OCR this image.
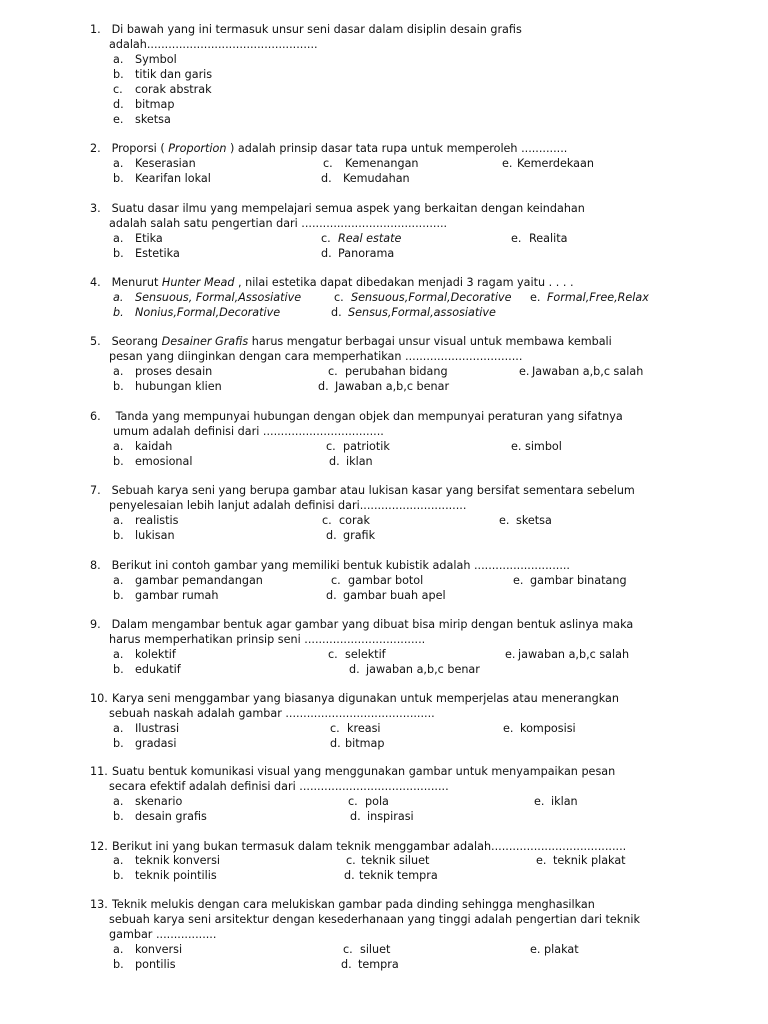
1. Di bawah yang ini termasuk unsur seni dasar dalam disiplin desain grafis
adalah................................................
a. Symbol
b. titik dan garis
c. corak abstrak
d. bitmap
e. sketsa
2. Proporsi ( Proportion ) adalah prinsip dasar tata rupa untuk memperoleh .............
a. Keserasian
b. Kearifan lokal
c. Kemenangan
d. Kemudahan
e. Kemerdekaan
3. Suatu dasar ilmu yang mempelajari semua aspek yang berkaitan dengan keindahan
adalah salah satu pengertian dari .........................................
a. Etika
b. Estetika
c. Real estate
d. Panorama
e. Realita
4. Menurut Hunter Mead , nilai estetika dapat dibedakan menjadi 3 ragam yaitu . . . .
a. Sensuous, Formal,Assosiative
b. Nonius,Formal,Decorative
c. Sensuous,Formal,Decorative
d. Sensus,Formal,assosiative
e. Formal,Free,Relax
5. Seorang Desainer Grafis harus mengatur berbagai unsur visual untuk membawa kembali
pesan yang diinginkan dengan cara memperhatikan .................................
a. proses desain
b. hubungan klien
c. perubahan bidang
d. Jawaban a,b,c benar
e. Jawaban a,b,c salah
6. Tanda yang mempunyai hubungan dengan objek dan mempunyai peraturan yang sifatnya
umum adalah definisi dari ..................................
a. kaidah
b. emosional
c. patriotik
d. iklan
e. simbol
7. Sebuah karya seni yang berupa gambar atau lukisan kasar yang bersifat sementara sebelum
penyelesaian lebih lanjut adalah definisi dari..............................
a. realistis
b. lukisan
c. corak
d. grafik
e. sketsa
8. Berikut ini contoh gambar yang memiliki bentuk kubistik adalah ...........................
a. gambar pemandangan
b. gambar rumah
c. gambar botol
d. gambar buah apel
e. gambar binatang
9. Dalam mengambar bentuk agar gambar yang dibuat bisa mirip dengan bentuk aslinya maka
harus memperhatikan prinsip seni ..................................
a. kolektif
b. edukatif
c. selektif
d. jawaban a,b,c benar
e. jawaban a,b,c salah
10. Karya seni menggambar yang biasanya digunakan untuk memperjelas atau menerangkan
sebuah naskah adalah gambar ..........................................
a. Ilustrasi
b. gradasi
c. kreasi
d. bitmap
e. komposisi
11. Suatu bentuk komunikasi visual yang menggunakan gambar untuk menyampaikan pesan
secara efektif adalah definisi dari ..........................................
a. skenario
b. desain grafis
c. pola
d. inspirasi
e. iklan
12. Berikut ini yang bukan termasuk dalam teknik menggambar adalah......................................
a. teknik konversi
b. teknik pointilis
c. teknik siluet
d. teknik tempra
e. teknik plakat
13. Teknik melukis dengan cara melukiskan gambar pada dinding sehingga menghasilkan
sebuah karya seni arsitektur dengan kesederhanaan yang tinggi adalah pengertian dari teknik
gambar .................
a. konversi
b. pontilis
c. siluet
d. tempra
e. plakat
